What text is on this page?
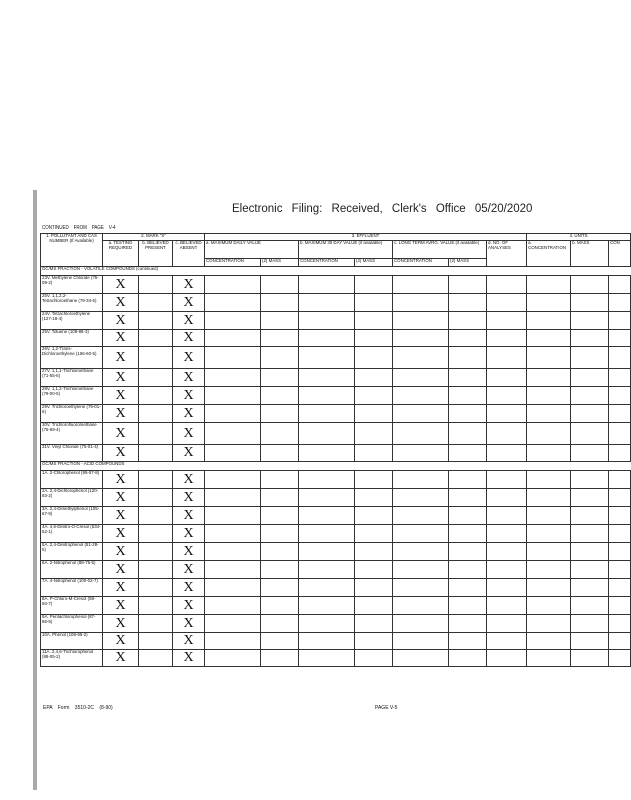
Electronic Filing: Received, Clerk's Office 05/20/2020
CONTINUED FROM PAGE V-4
1. POLLUTANT AND CAS NUMBER (If Available)	2. MARK "X"			3. EFFLUENT							4. UNITS		
	a. TESTING REQUIRED	b. BELIEVED PRESENT	c. BELIEVED ABSENT	a. MAXIMUM DAILY VALUE		b. MAXIMUM 30 DAY VALUE (if available)		c. LONG TERM AVRG. VALUE (if available)		d. NO. OF ANALYSES	a. CONCENTRATION	b. MASS	CON
				CONCENTRATION	(2) MASS	CONCENTRATION	(2) MASS	CONCENTRATION	(2) MASS				
GC/MS FRACTION - VOLATILE COMPOUNDS (continued)													
23V. Methylene Chloride (75-09-2)	X		X										
25V. 1,1,2,2-Tetrachloroethane (79-34-5)	X		X										
24V. Tetrachloroethylene (127-18-4)	X		X										
25V. Toluene (108-88-3)	X		X										
26V. 1,2-Trans-Dichloroethylene (156-60-5)	X		X										
27V. 1,1,1-Trichloroethane (71-55-6)	X		X										
28V. 1,1,2-Trichloroethane (79-00-5)	X		X										
29V. Trichloroethylene (79-01-6)	X		X										
30V. Trichlorofluoromethane (75-69-4)	X		X										
31V. Vinyl Chloride (75-01-4)	X		X										
GC/MS FRACTION - ACID COMPOUNDS													
1A. 2-Chlorophenol (95-57-8)	X		X										
2A. 2,4-Dichlorophenol (120-83-2)	X		X										
3A. 2,4-Dimethylphenol (105-67-9)	X		X										
4A. 4,6-Dinitro-O-Cresol (534-52-1)	X		X										
5A. 2,4-Dinitrophenol (51-28-5)	X		X										
6A. 2-Nitrophenol (88-75-5)	X		X										
7A. 4-Nitrophenol (100-02-7)	X		X										
8A. P-Chloro-M-Cresol (59-50-7)	X		X										
9A. Pentachlorophenol (87-86-5)	X		X										
10A. Phenol (108-95-2)	X		X										
11A. 2,4,6-Trichlorophenol (88-05-2)	X		X										
EPA Form 3510-2C (8-90)	PAGE V-5
